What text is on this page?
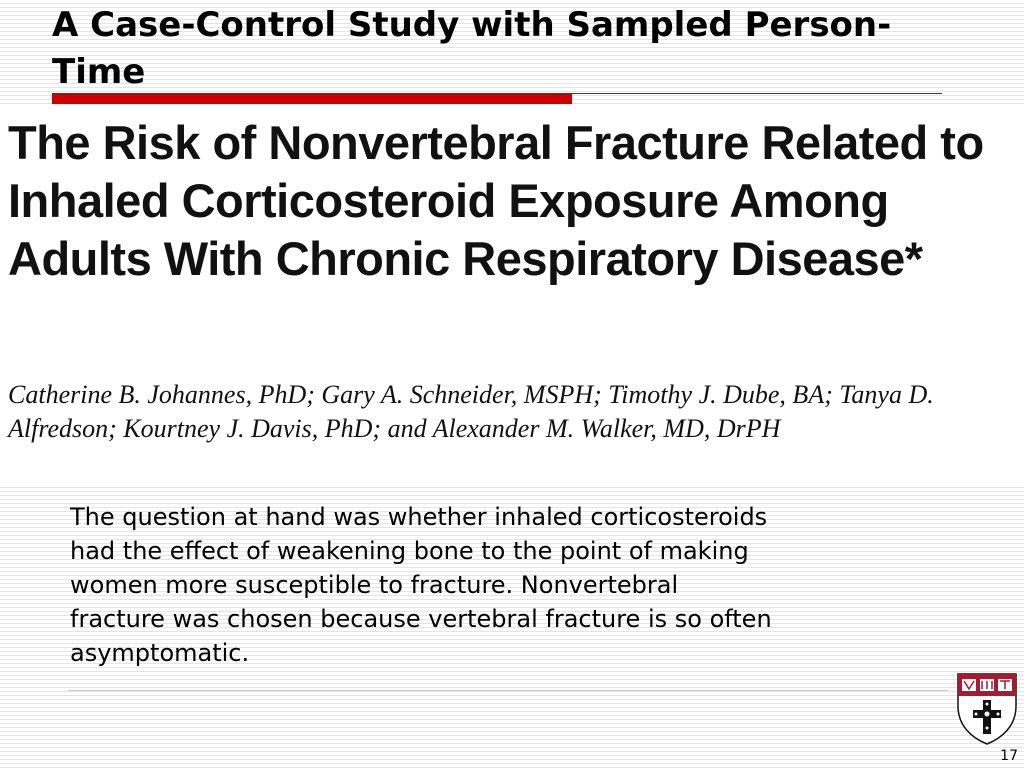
A Case-Control Study with Sampled Person-Time
The Risk of Nonvertebral Fracture Related to Inhaled Corticosteroid Exposure Among Adults With Chronic Respiratory Disease*

Catherine B. Johannes, PhD; Gary A. Schneider, MSPH; Timothy J. Dube, BA; Tanya D. Alfredson; Kourtney J. Davis, PhD; and Alexander M. Walker, MD, DrPH

The question at hand was whether inhaled corticosteroids
had the effect of weakening bone to the point of making
women more susceptible to fracture. Nonvertebral
fracture was chosen because vertebral fracture is so often
asymptomatic.

17
